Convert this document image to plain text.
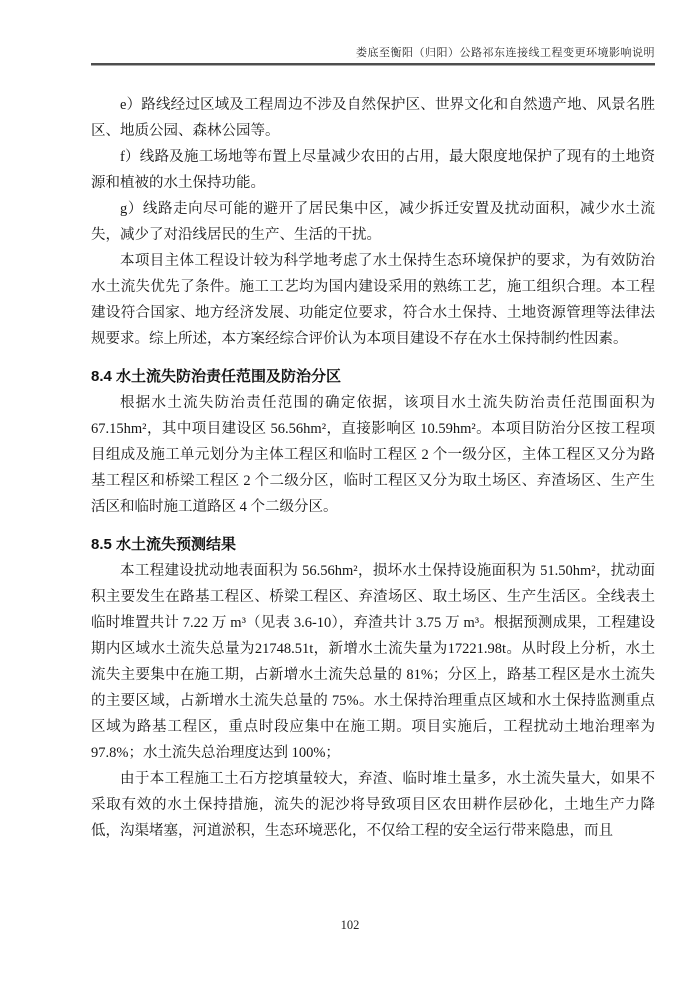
娄底至衡阳（归阳）公路祁东连接线工程变更环境影响说明

e）路线经过区域及工程周边不涉及自然保护区、世界文化和自然遗产地、风景名胜区、地质公园、森林公园等。

f）线路及施工场地等布置上尽量减少农田的占用，最大限度地保护了现有的土地资源和植被的水土保持功能。

g）线路走向尽可能的避开了居民集中区，减少拆迁安置及扰动面积，减少水土流失，减少了对沿线居民的生产、生活的干扰。

本项目主体工程设计较为科学地考虑了水土保持生态环境保护的要求，为有效防治水土流失优先了条件。施工工艺均为国内建设采用的熟练工艺，施工组织合理。本工程建设符合国家、地方经济发展、功能定位要求，符合水土保持、土地资源管理等法律法规要求。综上所述，本方案经综合评价认为本项目建设不存在水土保持制约性因素。

8.4 水土流失防治责任范围及防治分区

根据水土流失防治责任范围的确定依据，该项目水土流失防治责任范围面积为67.15hm²，其中项目建设区 56.56hm²，直接影响区 10.59hm²。本项目防治分区按工程项目组成及施工单元划分为主体工程区和临时工程区 2 个一级分区，主体工程区又分为路基工程区和桥梁工程区 2 个二级分区，临时工程区又分为取土场区、弃渣场区、生产生活区和临时施工道路区 4 个二级分区。

8.5 水土流失预测结果

本工程建设扰动地表面积为 56.56hm²，损坏水土保持设施面积为 51.50hm²，扰动面积主要发生在路基工程区、桥梁工程区、弃渣场区、取土场区、生产生活区。全线表土临时堆置共计 7.22 万 m³（见表 3.6-10），弃渣共计 3.75 万 m³。根据预测成果，工程建设期内区域水土流失总量为21748.51t，新增水土流失量为17221.98t。从时段上分析，水土流失主要集中在施工期，占新增水土流失总量的 81%；分区上，路基工程区是水土流失的主要区域，占新增水土流失总量的 75%。水土保持治理重点区域和水土保持监测重点区域为路基工程区，重点时段应集中在施工期。项目实施后，工程扰动土地治理率为 97.8%；水土流失总治理度达到 100%；

由于本工程施工土石方挖填量较大，弃渣、临时堆土量多，水土流失量大，如果不采取有效的水土保持措施，流失的泥沙将导致项目区农田耕作层砂化，土地生产力降低，沟渠堵塞，河道淤积，生态环境恶化，不仅给工程的安全运行带来隐患，而且

102
